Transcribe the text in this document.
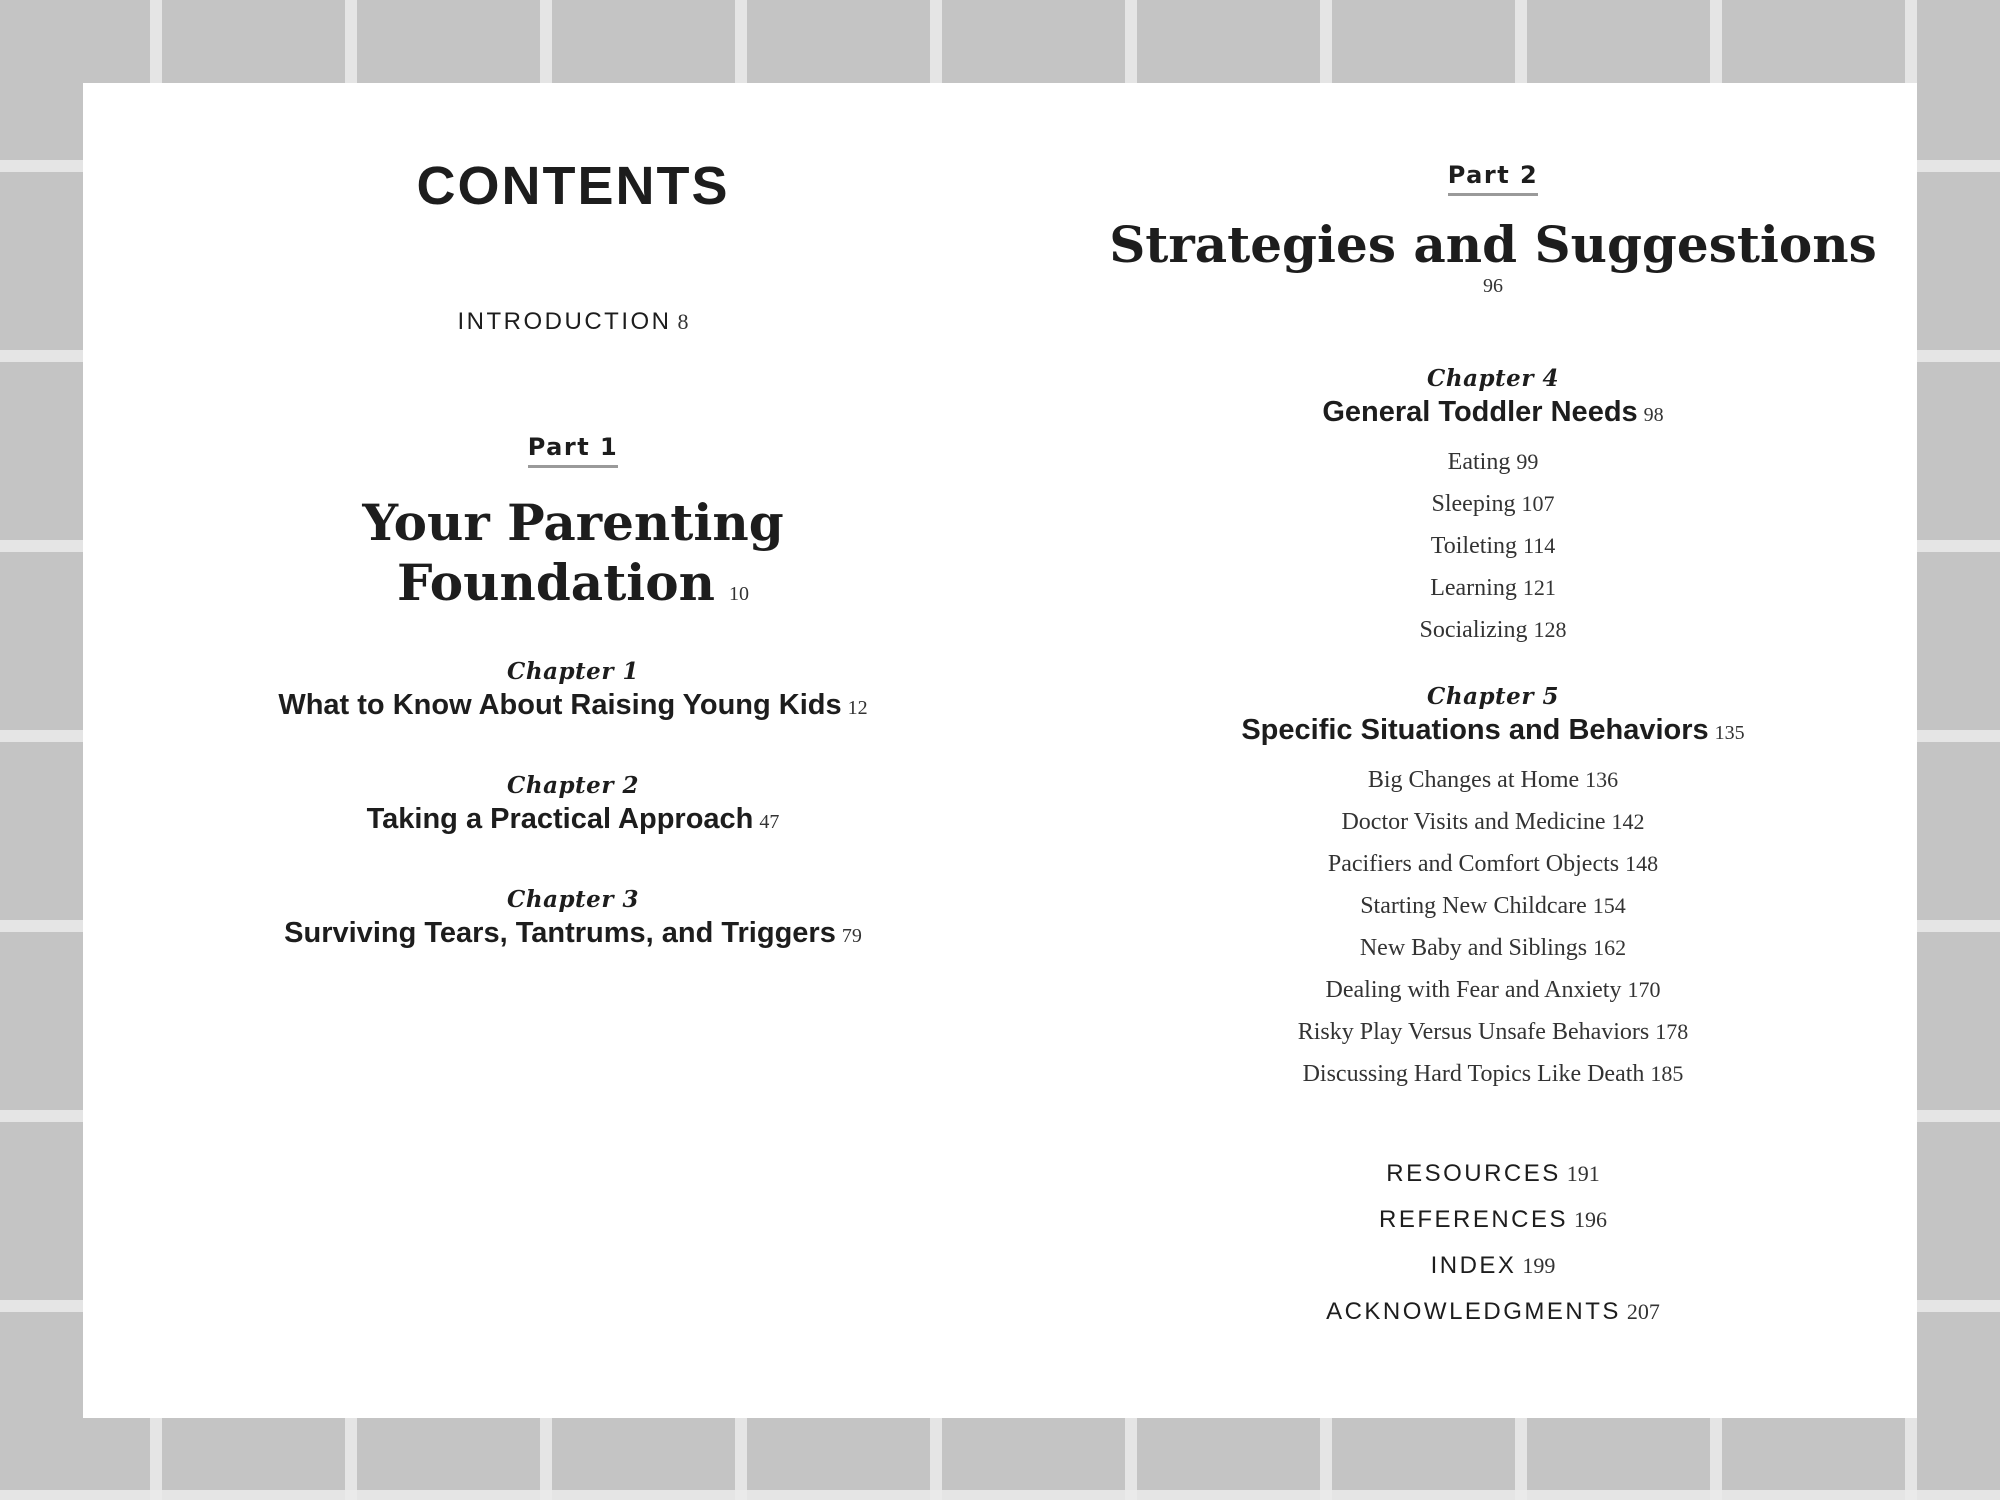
CONTENTS
INTRODUCTION 8
Part 1
Your Parenting
Foundation 10
Chapter 1
What to Know About Raising Young Kids 12
Chapter 2
Taking a Practical Approach 47
Chapter 3
Surviving Tears, Tantrums, and Triggers 79
Part 2
Strategies and Suggestions
96
Chapter 4
General Toddler Needs 98
Eating 99
Sleeping 107
Toileting 114
Learning 121
Socializing 128
Chapter 5
Specific Situations and Behaviors 135
Big Changes at Home 136
Doctor Visits and Medicine 142
Pacifiers and Comfort Objects 148
Starting New Childcare 154
New Baby and Siblings 162
Dealing with Fear and Anxiety 170
Risky Play Versus Unsafe Behaviors 178
Discussing Hard Topics Like Death 185
RESOURCES 191
REFERENCES 196
INDEX 199
ACKNOWLEDGMENTS 207
